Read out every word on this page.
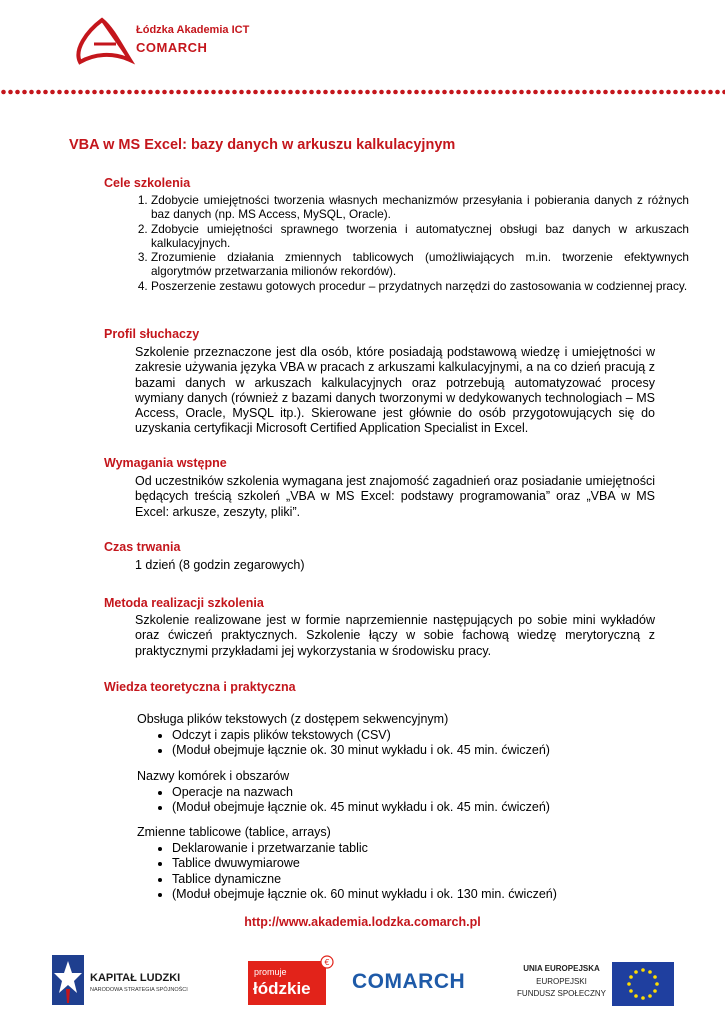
Łódzka Akademia ICT
COMARCH
VBA w MS Excel: bazy danych w arkuszu kalkulacyjnym
Cele szkolenia
1. Zdobycie umiejętności tworzenia własnych mechanizmów przesyłania i pobierania danych z różnych baz danych (np. MS Access, MySQL, Oracle).
2. Zdobycie umiejętności sprawnego tworzenia i automatycznej obsługi baz danych w arkuszach kalkulacyjnych.
3. Zrozumienie działania zmiennych tablicowych (umożliwiających m.in. tworzenie efektywnych algorytmów przetwarzania milionów rekordów).
4. Poszerzenie zestawu gotowych procedur – przydatnych narzędzi do zastosowania w codziennej pracy.
Profil słuchaczy
Szkolenie przeznaczone jest dla osób, które posiadają podstawową wiedzę i umiejętności w zakresie używania języka VBA w pracach z arkuszami kalkulacyjnymi, a na co dzień pracują z bazami danych w arkuszach kalkulacyjnych oraz potrzebują automatyzować procesy wymiany danych (również z bazami danych tworzonymi w dedykowanych technologiach – MS Access, Oracle, MySQL itp.). Skierowane jest głównie do osób przygotowujących się do uzyskania certyfikacji Microsoft Certified Application Specialist in Excel.
Wymagania wstępne
Od uczestników szkolenia wymagana jest znajomość zagadnień oraz posiadanie umiejętności będących treścią szkoleń „VBA w MS Excel: podstawy programowania” oraz „VBA w MS Excel: arkusze, zeszyty, pliki”.
Czas trwania
1 dzień (8 godzin zegarowych)
Metoda realizacji szkolenia
Szkolenie realizowane jest w formie naprzemiennie następujących po sobie mini wykładów oraz ćwiczeń praktycznych. Szkolenie łączy w sobie fachową wiedzę merytoryczną z praktycznymi przykładami jej wykorzystania w środowisku pracy.
Wiedza teoretyczna i praktyczna
Obsługa plików tekstowych (z dostępem sekwencyjnym)
• Odczyt i zapis plików tekstowych (CSV)
• (Moduł obejmuje łącznie ok. 30 minut wykładu i ok. 45 min. ćwiczeń)
Nazwy komórek i obszarów
• Operacje na nazwach
• (Moduł obejmuje łącznie ok. 45 minut wykładu i ok. 45 min. ćwiczeń)
Zmienne tablicowe (tablice, arrays)
• Deklarowanie i przetwarzanie tablic
• Tablice dwuwymiarowe
• Tablice dynamiczne
• (Moduł obejmuje łącznie ok. 60 minut wykładu i ok. 130 min. ćwiczeń)
http://www.akademia.lodzka.comarch.pl
KAPITAŁ LUDZKI
NARODOWA STRATEGIA SPÓJNOŚCI
€
promuje
łódzkie COMARCH
UNIA EUROPEJSKA
EUROPEJSKI
FUNDUSZ SPOŁECZNY
